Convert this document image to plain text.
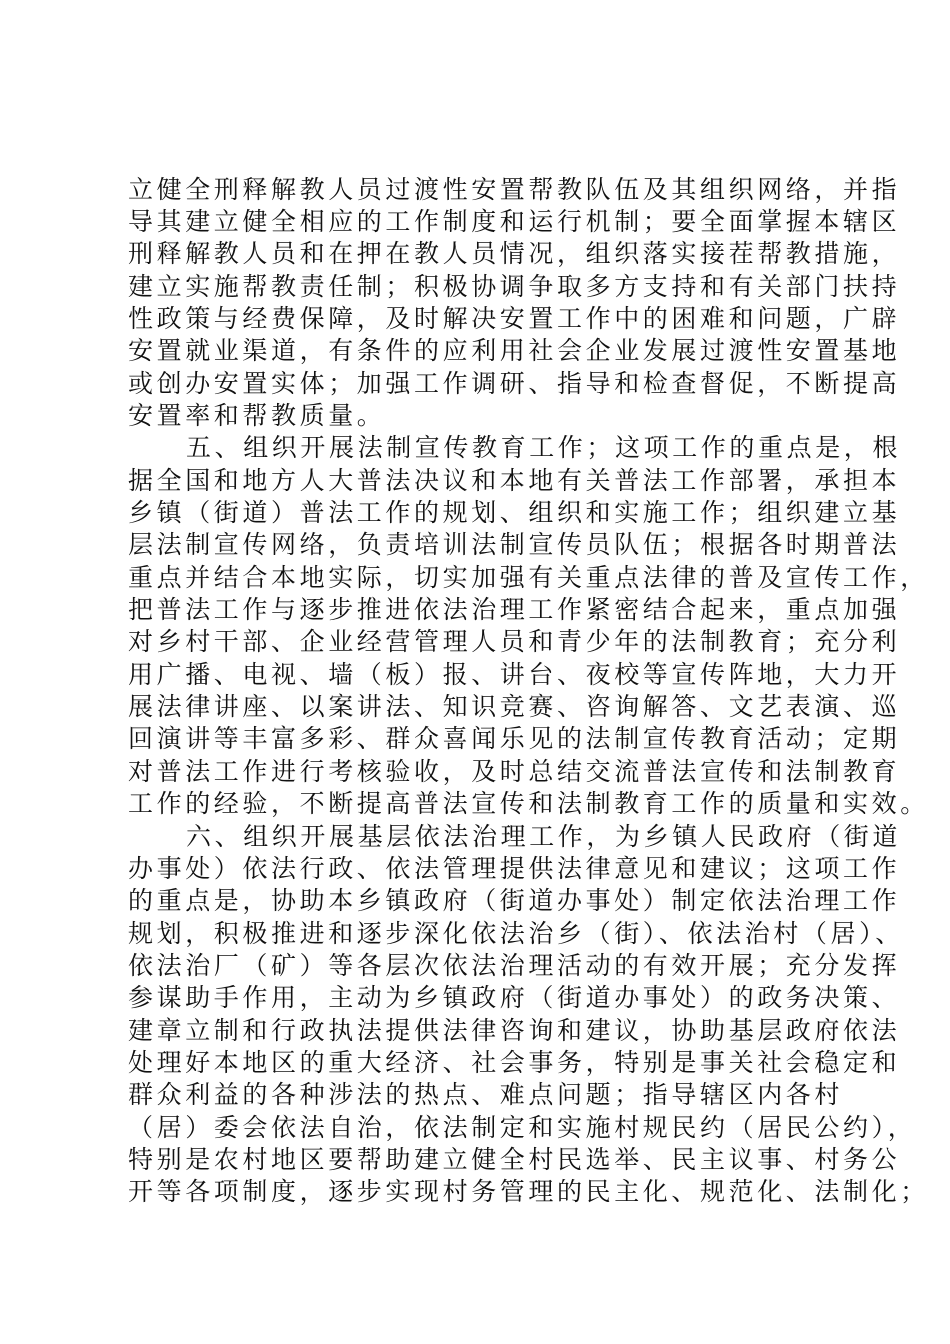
立健全刑释解教人员过渡性安置帮教队伍及其组织网络，并指
导其建立健全相应的工作制度和运行机制；要全面掌握本辖区
刑释解教人员和在押在教人员情况，组织落实接茬帮教措施，
建立实施帮教责任制；积极协调争取多方支持和有关部门扶持
性政策与经费保障，及时解决安置工作中的困难和问题，广辟
安置就业渠道，有条件的应利用社会企业发展过渡性安置基地
或创办安置实体；加强工作调研、指导和检查督促，不断提高
安置率和帮教质量。
五、组织开展法制宣传教育工作；这项工作的重点是，根
据全国和地方人大普法决议和本地有关普法工作部署，承担本
乡镇（街道）普法工作的规划、组织和实施工作；组织建立基
层法制宣传网络，负责培训法制宣传员队伍；根据各时期普法
重点并结合本地实际，切实加强有关重点法律的普及宣传工作，
把普法工作与逐步推进依法治理工作紧密结合起来，重点加强
对乡村干部、企业经营管理人员和青少年的法制教育；充分利
用广播、电视、墙（板）报、讲台、夜校等宣传阵地，大力开
展法律讲座、以案讲法、知识竞赛、咨询解答、文艺表演、巡
回演讲等丰富多彩、群众喜闻乐见的法制宣传教育活动；定期
对普法工作进行考核验收，及时总结交流普法宣传和法制教育
工作的经验，不断提高普法宣传和法制教育工作的质量和实效。
六、组织开展基层依法治理工作，为乡镇人民政府（街道
办事处）依法行政、依法管理提供法律意见和建议；这项工作
的重点是，协助本乡镇政府（街道办事处）制定依法治理工作
规划，积极推进和逐步深化依法治乡（街）、依法治村（居）、
依法治厂（矿）等各层次依法治理活动的有效开展；充分发挥
参谋助手作用，主动为乡镇政府（街道办事处）的政务决策、
建章立制和行政执法提供法律咨询和建议，协助基层政府依法
处理好本地区的重大经济、社会事务，特别是事关社会稳定和
群众利益的各种涉法的热点、难点问题；指导辖区内各村
（居）委会依法自治，依法制定和实施村规民约（居民公约），
特别是农村地区要帮助建立健全村民选举、民主议事、村务公
开等各项制度，逐步实现村务管理的民主化、规范化、法制化；
